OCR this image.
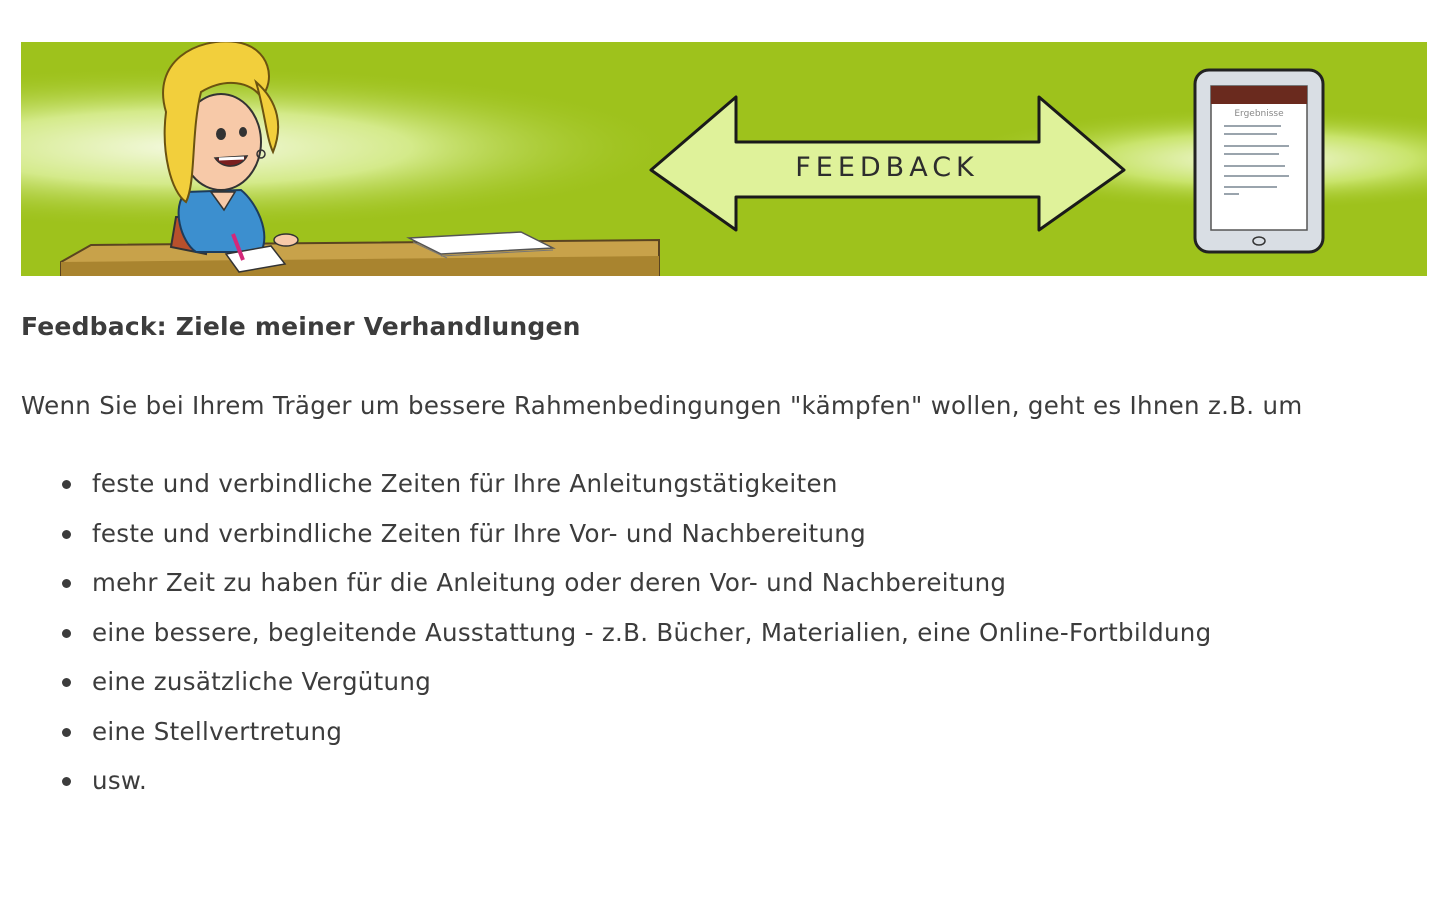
FEEDBACK
Ergebnisse
Feedback: Ziele meiner Verhandlungen

Wenn Sie bei Ihrem Träger um bessere Rahmenbedingungen "kämpfen" wollen, geht es Ihnen z.B. um

feste und verbindliche Zeiten für Ihre Anleitungstätigkeiten
feste und verbindliche Zeiten für Ihre Vor- und Nachbereitung
mehr Zeit zu haben für die Anleitung oder deren Vor- und Nachbereitung
eine bessere, begleitende Ausstattung - z.B. Bücher, Materialien, eine Online-Fortbildung
eine zusätzliche Vergütung
eine Stellvertretung
usw.
